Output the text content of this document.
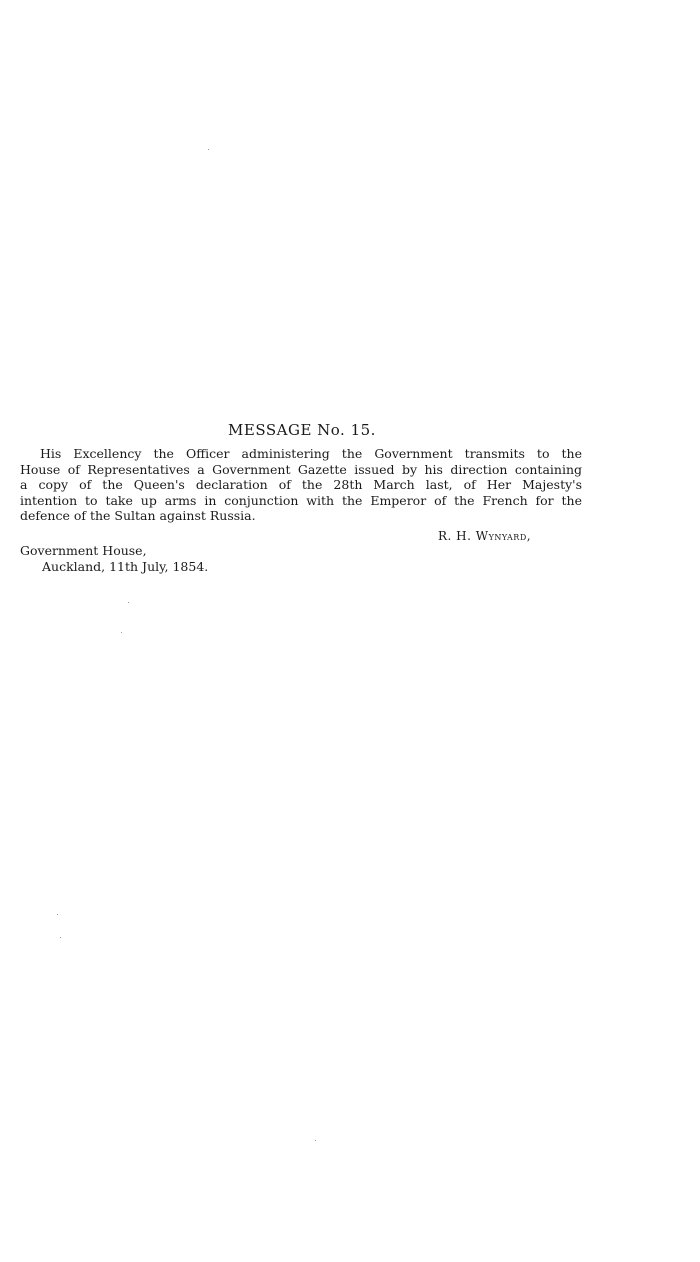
MESSAGE No. 15.
His Excellency the Officer administering the Government transmits to the
House of Representatives a Government Gazette issued by his direction containing
a copy of the Queen's declaration of the 28th March last, of Her Majesty's
intention to take up arms in conjunction with the Emperor of the French for the
defence of the Sultan against Russia.
R. H. Wynyard,
Government House,
Auckland, 11th July, 1854.
